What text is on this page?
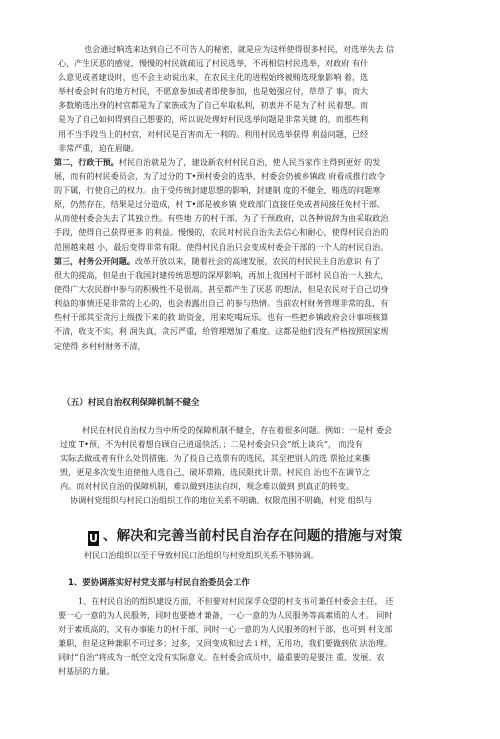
也会通过响选来达到自己不可告人的秘密，就是应为这样使得很多村民，对选举失去 信
心，产生厌恶的感觉，慢慢的村民就疏远了村民选举，不再相信村民选举，对政府 有什
么意见或者建设时，也不会主动说出来，在农民主化的进程始终被贿选现象影响 着，选
举村委会时有的地方村民，不愿意参加或者即使参加，也是勉强应付，草草了 事，而大
多数贿选出身的村官都是为了家族或为了自己牟取私利，初衷并不是为了村 民着想。而
是为了自己如何得到自己想要的，所以说处理好村民选举问题是非常关键 的，而那些利
用不当手段当上的村官，对村民是百害而无一利的。利用村民选举获得 利益问题，已经
非常严重，迫在眉睫。
第二，行政干预。村民自治就是为了，建设新农村村民自治，使人民当家作主得到更好 的发
展，而有的村民委员会，为了过分的 T•预村委会的选举，村委会仍被乡镇政 府看成推行政令
的下属，行使自己的权力。由于受传统封建思想的影响，封建制 度的不健全，贿选的问题寒
原，仍然存在，结果是过分造成，村 T•部是被乡镇 党政部门直接任免或者间接任免村干部。
从而使村委会失去了其独立性。有些地 方的村干部，为了干预政府，以各种说辞为由采取政治
手段，使得自己获得更多 的利益。慢慢的，农民对村民自治失去信心和耐心，使得村民自治的
范围越来越 小，最后变得非常有限。使得村民自治只会变成村委会干部的一个人的村民自治。
第三，村务公开问题。改革开放以来，随着社会的高速发展，农民的村民民主自治意识 有了
很大的提高，但是由于我国封建传统思想的深厚影响，再加上我国村干部村 民自治一人独大，
使得广大农民群中参与的积极性不是很高，甚至都产生了厌恶 的想法，但是农民对于自己切身
利益的事情还是非常的上心的，也会表露出自己 的参与热情。当前农村财务管理非常的乱，有
些村干部其至贪污上级拨下来的救 助资金，用来吃喝玩乐。也有一些把乡镇政府会计事项核算
不清，收支不实，利 润失真，贪污严重，给管理增加了难度。这都是他们没有严格按照国家规
定使得 乡村村财务不清，
（五）村民自治权利保障机制不健全
村民在村民自治权力当中所受的保障机制不健全，存在着很多问题。例如：一是村 委会
过度 T•预，不为村民着想自顾自己逍遥快活。；二是村委会只会“纸上谈兵”， 而没有
实际去做或者有什么处罚措施。为了投自己选票有的选民，其至把别人的选 票抢过来撕
毁，更是多次发生迫使他人选自己、破坏票箱、选民限扰计票。村民自 治也不在调节之
内。而对村民自治的保障机制，难以做到违法自纠，观念难以做到 到真正的转变。
协调村党组织与村民口治组织工作的地位关系不明确、权限范围不明确，村党 组织与
U 、解决和完善当前村民自治存在问题的措施与对策
村民口治组织以至于导致村民口治组织与村党组织关系不够协调。
1、要协调落实好村党支部与村民自治委员会工作
1、在村民自治的组织建设方面，不但要对村民深孚众望的村支书可兼任村委会主任， 还
要一心一意的为人民服务，同时也要德才兼备，一心一意的为人民服务等高素质的人才。 同时
对于素质高的，又有办事能力的村干部，同时一心一意的为人民服务的村干部，也可到 村支部
兼职，但是这种兼职不可过多；过多，又回变成和过去 i 样，无用功，我们要做到依 法治理。
同时“自治”将成为一纸空文没有实际意义。在村委会成员中，最重要的是要注 重、发展、农
村基层的力量。
